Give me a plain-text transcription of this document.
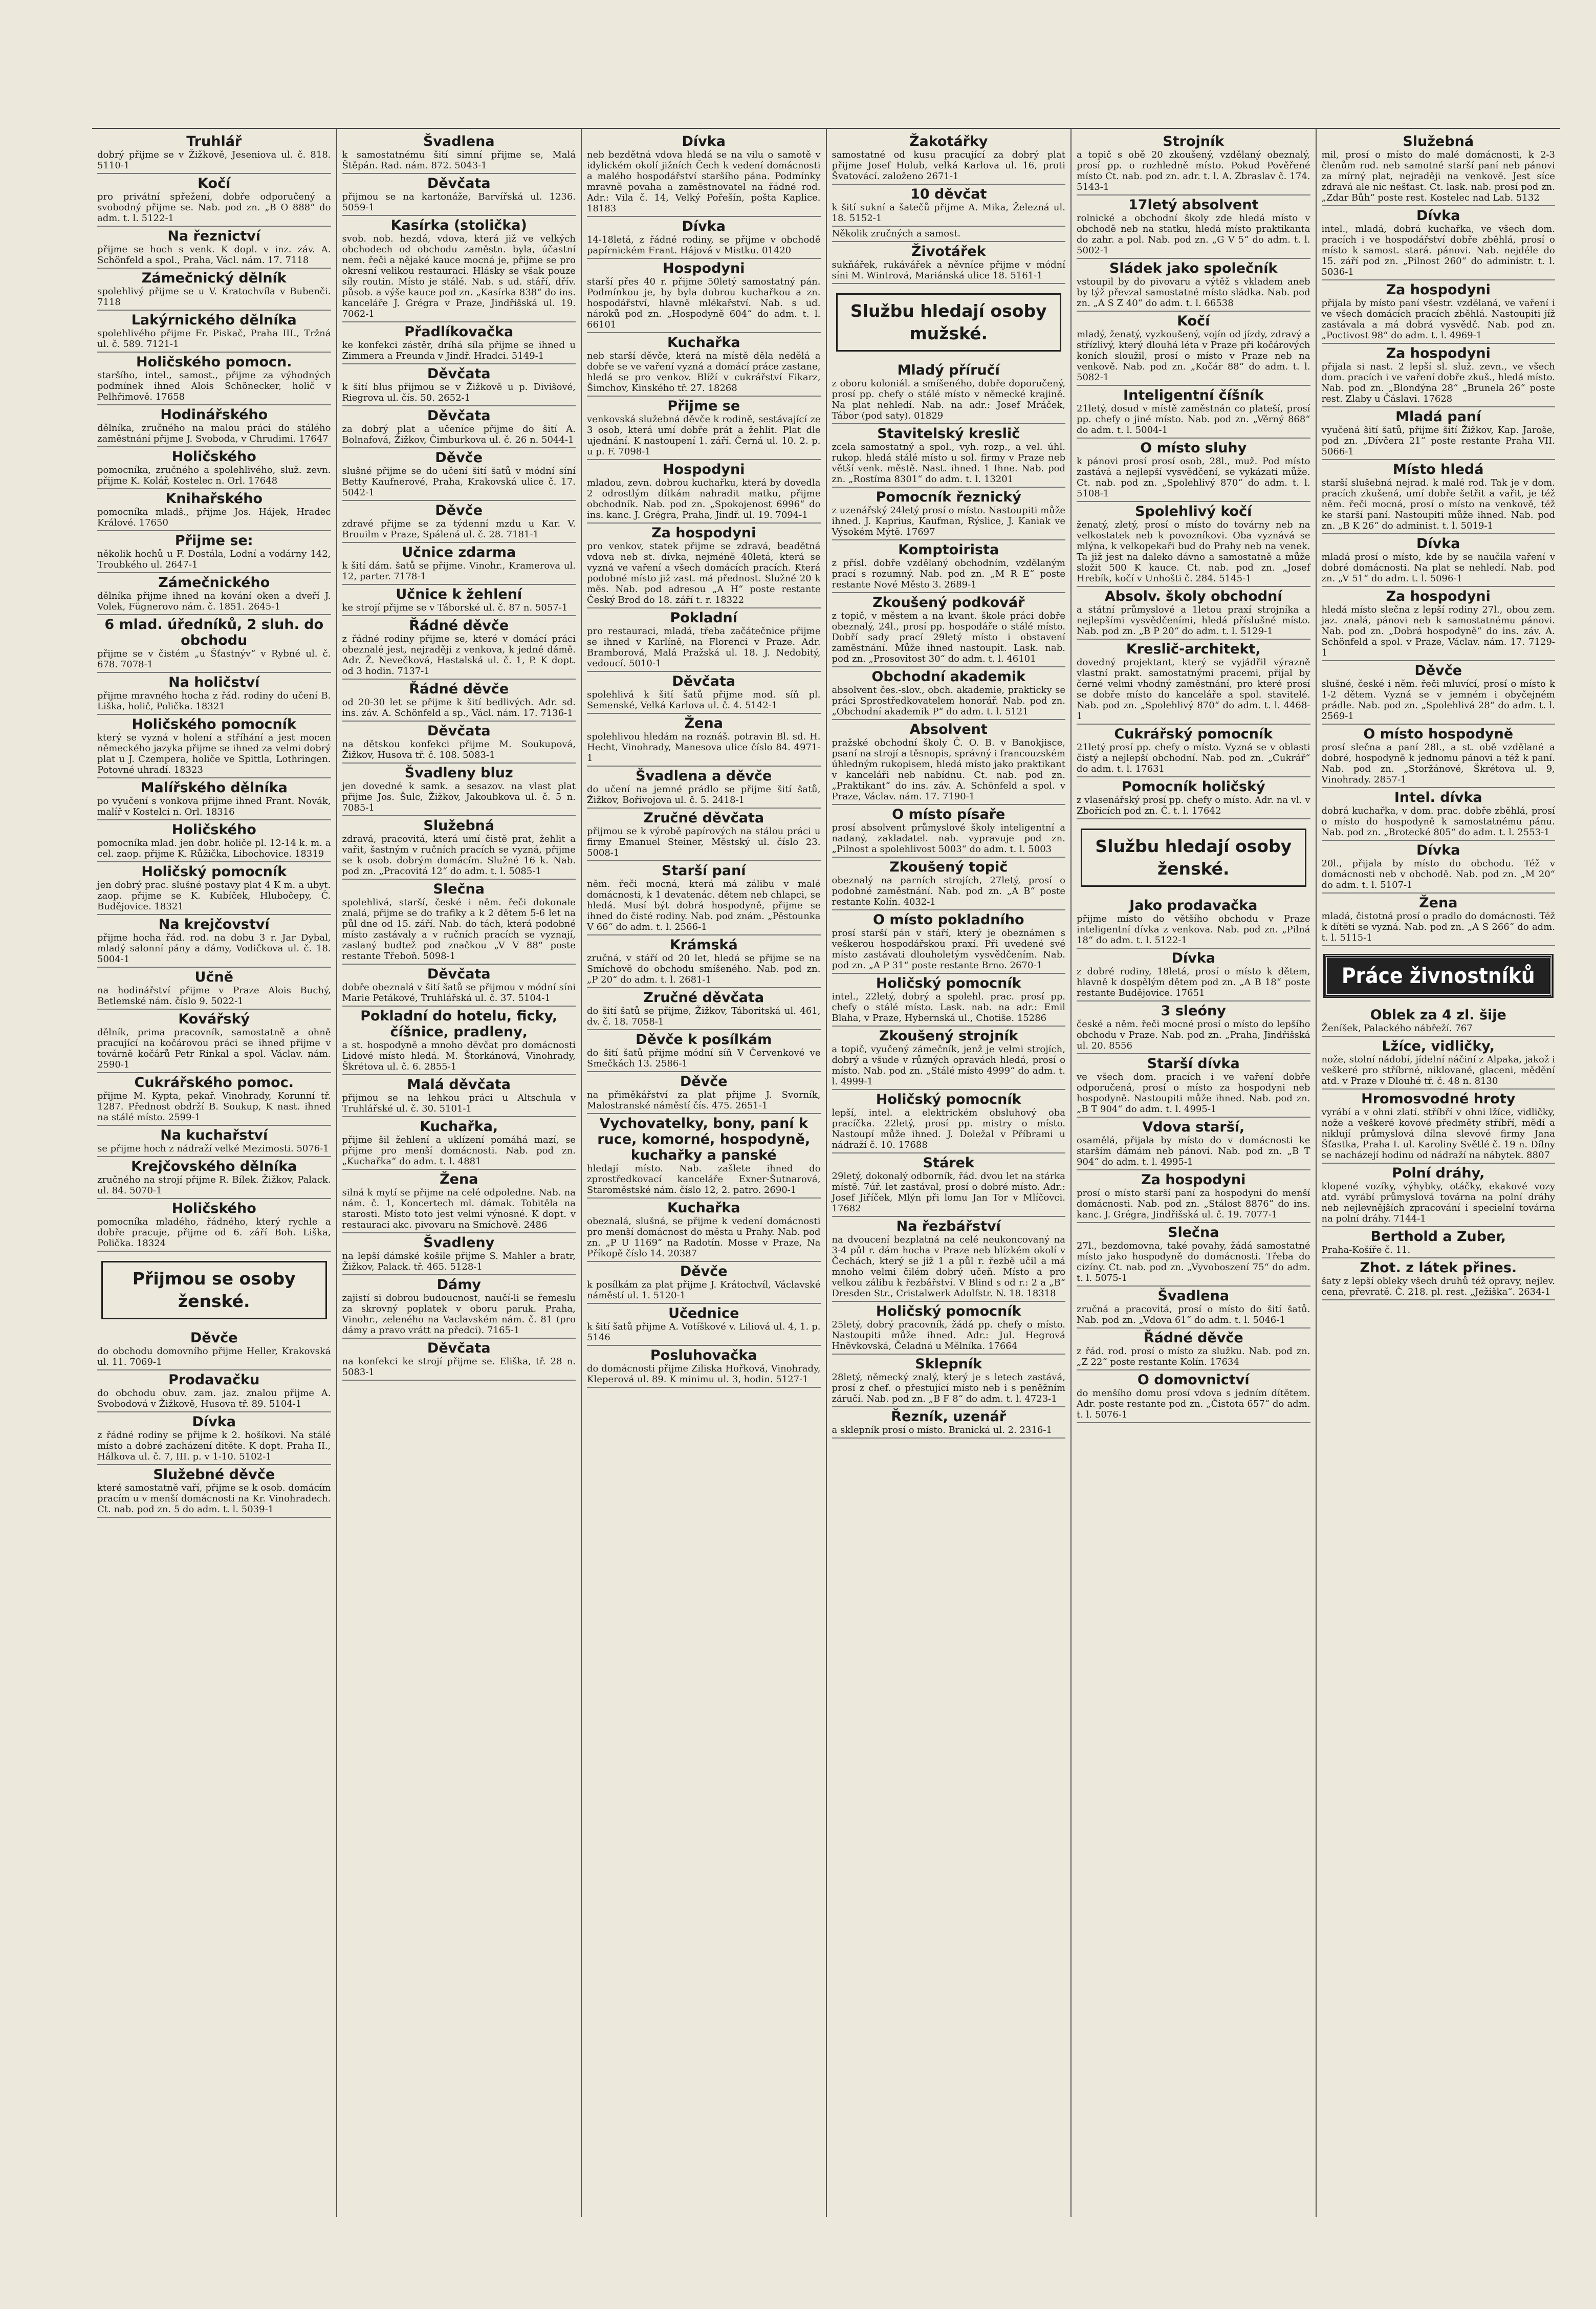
Truhlář
dobrý přijme se v Žižkově, Jeseniova ul. č. 818. 5110-1
Kočí
pro privátní spřežení, dobře odporučený a svobodný přijme se. Nab. pod zn. „B O 888“ do adm. t. l. 5122-1
Na řeznictví
přijme se hoch s venk. K dopl. v inz. záv. A. Schönfeld a spol., Praha, Václ. nám. 17. 7118
Zámečnický dělník
spolehlivý přijme se u V. Kratochvíla v Bubenči. 7118
Lakýrnického dělníka
spolehlivého přijme Fr. Piskač, Praha III., Tržná ul. č. 589. 7121-1
Holičského pomocn.
staršího, intel., samost., přijme za výhodných podmínek ihned Alois Schönecker, holič v Pelhřimově. 17658
Hodinářského
dělníka, zručného na malou práci do stálého zaměstnání přijme J. Svoboda, v Chrudimi. 17647
Holičského
pomocníka, zručného a spolehlivého, služ. zevn. přijme K. Kolář, Kostelec n. Orl. 17648
Knihařského
pomocníka mladš., přijme Jos. Hájek, Hradec Králové. 17650
Přijme se:
několik hochů u F. Dostála, Lodní a vodárny 142, Troubkého ul. 2647-1
Zámečnického
dělníka přijme ihned na kování oken a dveří J. Volek, Fügnerovo nám. č. 1851. 2645-1
6 mlad. úředníků, 2 sluh. do obchodu
přijme se v čistém „u Šťastnýv“ v Rybné ul. č. 678. 7078-1
Na holičství
přijme mravného hocha z řád. rodiny do učení B. Liška, holič, Polička. 18321
Holičského pomocník
který se vyzná v holení a stříhání a jest mocen německého jazyka přijme se ihned za velmi dobrý plat u J. Czempera, holiče ve Spittla, Lothringen. Potovné uhradí. 18323
Malířského dělníka
po vyučení s vonkova přijme ihned Frant. Novák, malíř v Kostelci n. Orl. 18316
Holičského
pomocníka mlad. jen dobr. holiče pl. 12-14 k. m. a cel. zaop. přijme K. Růžička, Libochovice. 18319
Holičský pomocník
jen dobrý prac. slušné postavy plat 4 K m. a ubyt. zaop. přijme se K. Kubíček, Hlubočepy, Č. Budějovice. 18321
Na krejčovství
přijme hocha řád. rod. na dobu 3 r. Jar Dybal, mladý salonní pány a dámy, Vodičkova ul. č. 18. 5004-1
Učně
na hodinářství přijme v Praze Alois Buchý, Betlemské nám. číslo 9. 5022-1
Kovářský
dělník, prima pracovník, samostatně a ohně pracující na kočárovou práci se ihned přijme v továrně kočárů Petr Rinkal a spol. Václav. nám. 2590-1
Cukrářského pomoc.
přijme M. Kypta, pekař. Vinohrady, Korunní tř. 1287. Přednost obdrží B. Soukup, K nast. ihned na stálé místo. 2599-1
Na kuchařství
se přijme hoch z nádraží velké Mezimosti. 5076-1
Krejčovského dělníka
zručného na strojí přijme R. Bílek. Žižkov, Palack. ul. 84. 5070-1
Holičského
pomocníka mladého, řádného, který rychle a dobře pracuje, přijme od 6. září Boh. Liška, Polička. 18324
Přijmou se osoby ženské.
Děvče
do obchodu domovního přijme Heller, Krakovská ul. 11. 7069-1
Prodavačku
do obchodu obuv. zam. jaz. znalou přijme A. Svobodová v Žižkově, Husova tř. 89. 5104-1
Dívka
z řádné rodiny se přijme k 2. hošíkovi. Na stálé místo a dobré zacházení ditěte. K dopt. Praha II., Hálkova ul. č. 7, III. p. v 1-10. 5102-1
Služebné děvče
které samostatně vaří, přijme se k osob. domácím pracím u v menší domácnosti na Kr. Vinohradech. Ct. nab. pod zn. 5 do adm. t. l. 5039-1
Švadlena
k samostatnému šití simní přijme se, Malá Štěpán. Rad. nám. 872. 5043-1
Děvčata
přijmou se na kartonáže, Barvířská ul. 1236. 5059-1
Kasírka (stolička)
svob. nob. hezdá, vdova, která již ve velkých obchodech od obchodu zaměstn. byla, účastní nem. řeči a nějaké kauce mocná je, přijme se pro okresní velikou restauraci. Hlásky se však pouze síly routin. Místo je stálé. Nab. s ud. stáří, dřív. působ. a výše kauce pod zn. „Kasírka 838“ do ins. kanceláře J. Grégra v Praze, Jindřišská ul. 19. 7062-1
Přadlíkovačka
ke konfekci zástěr, dríhá síla přijme se ihned u Zimmera a Freunda v Jindř. Hradci. 5149-1
Děvčata
k šití blus přijmou se v Žižkově u p. Divišové, Riegrova ul. čís. 50. 2652-1
Děvčata
za dobrý plat a učeníce přijme do šití A. Bolnafová, Žižkov, Čimburkova ul. č. 26 n. 5044-1
Děvče
slušné přijme se do učení šití šatů v módní síní Betty Kaufnerové, Praha, Krakovská ulice č. 17. 5042-1
Děvče
zdravé přijme se za týdenní mzdu u Kar. V. Brouilm v Praze, Spálená ul. č. 28. 7181-1
Učnice zdarma
k šití dám. šatů se přijme. Vinohr., Kramerova ul. 12, parter. 7178-1
Učnice k žehlení
ke strojí přijme se v Táborské ul. č. 87 n. 5057-1
Řádné děvče
z řádné rodiny přijme se, které v domácí práci obeznalé jest, nejraději z venkova, k jedné dámě. Adr. Ž. Nevečková, Hastalská ul. č. 1, P. K dopt. od 3 hodin. 7137-1
Řádné děvče
od 20-30 let se přijme k šití bedlivých. Adr. sd. ins. záv. A. Schönfeld a sp., Václ. nám. 17. 7136-1
Děvčata
na dětskou konfekci přijme M. Soukupová, Žižkov, Husova tř. č. 108. 5083-1
Švadleny bluz
jen dovedné k samk. a sesazov. na vlast plat přijme Jos. Šulc, Žižkov, Jakoubkova ul. č. 5 n. 7085-1
Služebná
zdravá, pracovitá, která umí čistě prat, žehlit a vařit, šastným v ručních pracích se vyzná, přijme se k osob. dobrým domácím. Služné 16 k. Nab. pod zn. „Pracovitá 12“ do adm. t. l. 5085-1
Slečna
spolehlivá, starší, české i něm. řeči dokonale znalá, přijme se do trafiky a k 2 dětem 5-6 let na půl dne od 15. září. Nab. do tách, která podobné místo zastávaly a v ručních pracích se vyznají, zaslaný budtež pod značkou „V V 88“ poste restante Třeboň. 5098-1
Děvčata
dobře obeznalá v šití šatů se přijmou v módní síni Marie Petákové, Truhlářská ul. č. 37. 5104-1
Pokladní do hotelu, ficky, číšnice, pradlenу,
a st. hospodyně a mnoho děvčat pro domácnosti Lidové místo hledá. M. Štorkánová, Vinohrady, Škrétova ul. č. 6. 2855-1
Malá děvčata
přijmou se na lehkou práci u Altschula v Truhlářské ul. č. 30. 5101-1
Kuchařka,
přijme šil žehlení a uklízení pomáhá mazí, se přijme pro menší domácnosti. Nab. pod zn. „Kuchařka“ do adm. t. l. 4881
Žena
silná k mytí se přijme na celé odpoledne. Nab. na nám. č. 1, Koncertech ml. dámak. Tobitěla na starosti. Místo toto jest velmi výnosné. K dopt. v restauraci akc. pivovaru na Smíchově. 2486
Švadleny
na lepší dámské košile přijme S. Mahler a bratr, Žižkov, Palack. tř. 465. 5128-1
Dámy
zajistí si dobrou budoucnost, naučí-li se řemeslu za skrovný poplatek v oboru paruk. Praha, Vinohr., zeleného na Vaclavském nám. č. 81 (pro dámy a pravo vrátt na předci). 7165-1
Děvčata
na konfekci ke strojí přijme se. Eliška, tř. 28 n. 5083-1
Dívka
neb bezdětná vdova hledá se na vilu o samotě v idylickém okolí jižních Čech k vedení domácnosti a malého hospodářství staršího pána. Podmínky mravně povaha a zaměstnovatel na řádné rod. Adr.: Vila č. 14, Velký Pořešín, pošta Kaplice. 18183
Dívka
14-18letá, z řádné rodiny, se přijme v obchodě papírnickém Frant. Hájová v Mistku. 01420
Hospodyni
starší přes 40 r. přijme 50letý samostatný pán. Podmínkou je, by byla dobrou kuchařkou a zn. hospodářství, hlavně mlékařství. Nab. s ud. nároků pod zn. „Hospodyně 604“ do adm. t. l. 66101
Kuchařka
neb starší děvče, která na místě děla nedělá a dobře se ve vaření vyzná a domácí práce zastane, hledá se pro venkov. Blíží v cukrářství Fikarz, Šimchov, Kinského tř. 27. 18268
Přijme se
venkovská služebná děvče k rodině, sestávající ze 3 osob, která umí dobře prát a žehlit. Plat dle ujednání. K nastoupení 1. září. Černá ul. 10. 2. p. u p. F. 7098-1
Hospodyni
mladou, zevn. dobrou kuchařku, která by dovedla 2 odrostlým dítkám nahradit matku, přijme obchodník. Nab. pod zn. „Spokojenost 6996“ do ins. kanc. J. Grégra, Praha, Jindř. ul. 19. 7094-1
Za hospodyni
pro venkov, statek přijme se zdravá, beadětná vdova neb st. dívka, nejméně 40letá, která se vyzná ve vaření a všech domácích pracích. Která podobné místo již zast. má přednost. Služné 20 k měs. Nab. pod adresou „A H“ poste restante Český Brod do 18. září t. r. 18322
Pokladní
pro restauraci, mladá, třeba začátečnice přijme se ihned v Karlíně, na Florenci v Praze. Adr. Bramborová, Malá Pražská ul. 18. J. Nedobitý, vedoucí. 5010-1
Děvčata
spolehlivá k šití šatů přijme mod. síň pl. Semenské, Velká Karlova ul. č. 4. 5142-1
Žena
spolehlivou hledám na roznáš. potravin Bl. sd. H. Hecht, Vinohrady, Manesova ulice číslo 84. 4971-1
Švadlena a děvče
do učení na jemné prádlo se přijme šití šatů, Žižkov, Bořivojova ul. č. 5. 2418-1
Zručné děvčata
přijmou se k výrobě papírových na stálou práci u firmy Emanuel Steiner, Městský ul. číslo 23. 5008-1
Starší paní
něm. řeči mocná, která má zálibu v malé domácnosti, k 1 devatenác. dětem neb chlapci, se hledá. Musí být dobrá hospodyně, přijme se ihned do čisté rodiny. Nab. pod znám. „Pěstounka V 66“ do adm. t. l. 2566-1
Krámská
zručná, v stáří od 20 let, hledá se přijme se na Smíchově do obchodu smíšeného. Nab. pod zn. „P 20“ do adm. t. l. 2681-1
Zručné děvčata
do šití šatů se přijme, Žižkov, Táboritská ul. 461, dv. č. 18. 7058-1
Děvče k posílkám
do šití šatů přijme módní síň V Červenkové ve Smečkách 13. 2586-1
Děvče
na přiměkářství za plat přijme J. Svorník, Malostranské náměstí čís. 475. 2651-1
Vychovatelky, bony, paní k ruce, komorné, hospodyně, kuchařky a panské
hledají místo. Nab. zašlete ihned do zprostředkovací kanceláře Exner-Šutnarová, Staroměstské nám. číslo 12, 2. patro. 2690-1
Kuchařka
obeznalá, slušná, se přijme k vedení domácnosti pro menší domácnost do města u Prahy. Nab. pod zn. „P U 1169“ na Radotín. Mosse v Praze, Na Příkopě číslo 14. 20387
Děvče
k posílkám za plat přijme J. Krátochvíl, Václavské náměstí ul. 1. 5120-1
Učednice
k šití šatů přijme A. Votíškové v. Liliová ul. 4, 1. p. 5146
Posluhovačka
do domácnosti přijme Ziliska Hořková, Vinohrady, Kleperová ul. 89. K minimu ul. 3, hodin. 5127-1
Žakotářky
samostatné od kusu pracující za dobrý plat přijme Josef Holub, velká Karlova ul. 16, proti Švatovácí. založeno 2671-1
10 děvčat
k šití sukní a šatečů přijme A. Mika, Železná ul. 18. 5152-1
Několik zručných a samost.
Životářek
sukňářek, rukávářek a něvníce přijme v módní síni M. Wintrová, Mariánská ulice 18. 5161-1
Službu hledají osoby mužské.
Mladý příručí
z oboru koloniál. a smíšeného, dobře doporučený, prosí pp. chefy o stálé místo v německé krajině. Na plat nehledí. Nab. na adr.: Josef Mráček, Tábor (pod saty). 01829
Stavitelský kreslič
zcela samostatný a spol., vyh. rozp., a vel. úhl. rukop. hledá stálé místo u sol. firmy v Praze neb větší venk. městě. Nast. ihned. 1 Ihne. Nab. pod zn. „Rostíma 8301“ do adm. t. l. 13201
Pomocník řeznický
z uzenářský 24letý prosí o místo. Nastoupiti může ihned. J. Kaprius, Kaufman, Rýslice, J. Kaniak ve Výsokém Mýtě. 17697
Komptoirista
z přísl. dobře vzdělaný obchodním, vzdělaným prací s rozumný. Nab. pod zn. „M R E“ poste restante Nové Město 3. 2689-1
Zkoušený podkovář
z topič, v městem a na kvant. škole práci dobře obeznalý, 24l., prosí pp. hospodáře o stálé místo. Dobří sady prací 29letý místo i obstavení zaměstnání. Může ihned nastoupit. Lask. nab. pod zn. „Prosovitost 30“ do adm. t. l. 46101
Obchodní akademik
absolvent čes.-slov., obch. akademie, prakticky se práci Sprostředkovatelem honorář. Nab. pod zn. „Obchodní akademik P“ do adm. t. l. 5121
Absolvent
pražské obchodní školy Č. O. B. v Banokjisce, psaní na strojí a těsnopis, správný i francouzském úhledným rukopisem, hledá místo jako praktikant v kanceláři neb nabídnu. Ct. nab. pod zn. „Praktikant“ do ins. záv. A. Schönfeld a spol. v Praze, Václav. nám. 17. 7190-1
O místo písaře
prosí absolvent průmyslové školy inteligentní a nadaný, zakladatel. nab. vypravuje pod zn. „Pilnost a spolehlivost 5003“ do adm. t. l. 5003
Zkoušený topič
obeznalý na parních strojích, 27letý, prosí o podobné zaměstnání. Nab. pod zn. „A B“ poste restante Kolín. 4032-1
O místo pokladního
prosí starší pán v stáří, který je obeznámen s veškerou hospodářskou praxí. Při uvedené své místo zastávati dlouholetým vysvědčením. Nab. pod zn. „A P 31“ poste restante Brno. 2670-1
Holičský pomocník
intel., 22letý, dobrý a spolehl. prac. prosí pp. chefy o stálé místo. Lask. nab. na adr.: Emil Blaha, v Praze, Hybernská ul., Chotiše. 15286
Zkoušený strojník
a topič, vyučený zámečník, jenž je velmi strojích, dobrý a všude v různých opravách hledá, prosí o místo. Nab. pod zn. „Stálé místo 4999“ do adm. t. l. 4999-1
Holičský pomocník
lepší, intel. a elektrickém obsluhový oba pracíčka. 22letý, prosí pp. mistry o místo. Nastoupí může ihned. J. Doležal v Příbrami u nádraží č. 10. 17688
Stárek
29letý, dokonalý odborník, řád. dvou let na stárka místě. 7úř. let zastával, prosí o dobré místo. Adr.: Josef Jiříček, Mlýn při lomu Jan Tor v Mlíčovci. 17682
Na řezbářství
na dvoucení bezplatná na celé neukoncovaný na 3-4 půl r. dám hocha v Praze neb blízkém okolí v Čechách, který se již 1 a půl r. řezbě učil a má mnoho velmi čilém dobrý učeň. Místo a pro velkou zálibu k řezbářství. V Blind s od r.: 2 a „B“ Dresden Str., Cristalwerk Adolfstr. N. 18. 18318
Holičský pomocník
25letý, dobrý pracovník, žádá pp. chefy o místo. Nastoupiti může ihned. Adr.: Jul. Hegrová Hněvkovská, Čeladná u Mělníka. 17664
Sklepník
28letý, německý znalý, který je s letech zastává, prosí z chef. o přestující místo neb i s peněžním záručí. Nab. pod zn. „B F 8“ do adm. t. l. 4723-1
Řezník, uzenář
a sklepník prosí o místo. Branická ul. 2. 2316-1
Strojník
a topič s obě 20 zkoušený, vzdělaný obeznalý, prosí pp. o rozhledně místo. Pokud Pověřené místo Ct. nab. pod zn. adr. t. l. A. Zbraslav č. 174. 5143-1
17letý absolvent
rolnické a obchodní školy zde hledá místo v obchodě neb na statku, hledá místo praktikanta do zahr. a pol. Nab. pod zn. „G V 5“ do adm. t. l. 5002-1
Sládek jako společník
vstoupil by do pivovaru a výtěž s vkladem aneb by týž převzal samostatné místo sládka. Nab. pod zn. „A S Z 40“ do adm. t. l. 66538
Kočí
mladý, ženatý, vyzkoušený, vojín od jízdy, zdravý a střízlivý, který dlouhá léta v Praze při kočárových koních sloužil, prosí o místo v Praze neb na venkově. Nab. pod zn. „Kočár 88“ do adm. t. l. 5082-1
Inteligentní číšník
21letý, dosud v místě zaměstnán co plateší, prosí pp. chefy o jiné místo. Nab. pod zn. „Věrný 868“ do adm. t. l. 5004-1
O místo sluhy
k pánovi prosí prosí osob, 28l., muž. Pod místo zastává a nejlepší vysvědčení, se vykázati může. Ct. nab. pod zn. „Spolehlivý 870“ do adm. t. l. 5108-1
Spolehlivý kočí
ženatý, zletý, prosí o místo do továrny neb na velkostatek neb k povozníkovi. Oba vyznává se mlýna, k velkopekaři bud do Prahy neb na venek. Ta již jest na daleko dávno a samostatně a může složit 500 K kauce. Ct. nab. pod zn. „Josef Hrebík, kočí v Unhošti č. 284. 5145-1
Absolv. školy obchodní
a státní průmyslové a 1letou praxí strojníka a nejlepšími vysvědčeními, hledá příslušné místo. Nab. pod zn. „B P 20“ do adm. t. l. 5129-1
Kreslič-architekt,
dovedný projektant, který se vyjádřil výrazně vlastní prakt. samostatnými pracemi, přijal by černé velmi vhodný zaměstnání, pro které prosí se dobře místo do kanceláře a spol. stavitelé. Nab. pod zn. „Spolehlivý 870“ do adm. t. l. 4468-1
Cukrářský pomocník
21letý prosí pp. chefy o místo. Vyzná se v oblasti čistý a nejlepší obchodní. Nab. pod zn. „Cukrář“ do adm. t. l. 17631
Pomocník holičský
z vlasenářský prosí pp. chefy o místo. Adr. na vl. v Zbořicích pod zn. Č. t. l. 17642
Službu hledají osoby ženské.
Jako prodavačka
přijme místo do většího obchodu v Praze inteligentní dívka z venkova. Nab. pod zn. „Pilná 18“ do adm. t. l. 5122-1
Dívka
z dobré rodiny, 18letá, prosí o místo k dětem, hlavně k dospělým dětem pod zn. „A B 18“ poste restante Budějovice. 17651
3 sleóny
české a něm. řeči mocné prosí o místo do lepšího obchodu v Praze. Nab. pod zn. „Praha, Jindřišská ul. 20. 8556
Starší dívka
ve všech dom. pracích i ve vaření dobře odporučená, prosí o místo za hospodyni neb hospodyně. Nastoupiti může ihned. Nab. pod zn. „B T 904“ do adm. t. l. 4995-1
Vdova starší,
osamělá, přijala by místo do v domácnosti ke starším dámám neb pánovi. Nab. pod zn. „B T 904“ do adm. t. l. 4995-1
Za hospodyni
prosí o místo starší paní za hospodyni do menší domácnosti. Nab. pod zn. „Stálost 8876“ do ins. kanc. J. Grégra, Jindřišská ul. č. 19. 7077-1
Slečna
27l., bezdomovna, také povahy, žádá samostatné místo jako hospodyně do domácnosti. Třeba do cizíny. Ct. nab. pod zn. „Vyvoboszení 75“ do adm. t. l. 5075-1
Švadlena
zručná a pracovitá, prosí o místo do šití šatů. Nab. pod zn. „Vdova 61“ do adm. t. l. 5046-1
Řádné děvče
z řád. rod. prosí o místo za služku. Nab. pod zn. „Z 22“ poste restante Kolín. 17634
O domovnictví
do menšího domu prosí vdova s jedním dítětem. Adr. poste restante pod zn. „Čistota 657“ do adm. t. l. 5076-1
Služebná
mil, prosí o místo do malé domácnosti, k 2-3 členům rod. neb samotné starší paní neb pánovi za mírný plat, nejraději na venkově. Jest síce zdravá ale nic nešťast. Ct. lask. nab. prosí pod zn. „Zdar Bůh“ poste rest. Kostelec nad Lab. 5132
Dívka
intel., mladá, dobrá kuchařka, ve všech dom. pracích i ve hospodářství dobře zběhlá, prosí o místo k samost. stará. pánovi. Nab. nejdéle do 15. září pod zn. „Pilnost 260“ do administr. t. l. 5036-1
Za hospodyni
přijala by místo paní všestr. vzdělaná, ve vaření i ve všech domácích pracích zběhlá. Nastoupiti jíž zastávala a má dobrá vysvědč. Nab. pod zn. „Poctivost 98“ do adm. t. l. 4969-1
Za hospodyni
přijala si nast. 2 lepší sl. služ. zevn., ve všech dom. pracích i ve vaření dobře zkuš., hledá místo. Nab. pod zn. „Blondýna 28“ „Brunela 26“ poste rest. Zlaby u Čáslavi. 17628
Mladá paní
vyučená šití šatů, přijme šití Žižkov, Kap. Jaroše, pod zn. „Dívčera 21“ poste restante Praha VII. 5066-1
Místo hledá
starší slušebná nejrad. k malé rod. Tak je v dom. pracích zkušená, umí dobře šetřit a vařit, je též něm. řeči mocná, prosí o místo na venkově, též ke starší paní. Nastoupiti může ihned. Nab. pod zn. „B K 26“ do administ. t. l. 5019-1
Dívka
mladá prosí o místo, kde by se naučila vaření v dobré domácnosti. Na plat se nehledí. Nab. pod zn. „V 51“ do adm. t. l. 5096-1
Za hospodyni
hledá místo slečna z lepší rodiny 27l., obou zem. jaz. znalá, pánovi neb k samostatnému pánovi. Nab. pod zn. „Dobrá hospodyně“ do ins. záv. A. Schönfeld a spol. v Praze, Václav. nám. 17. 7129-1
Děvče
slušné, české i něm. řeči mluvící, prosí o místo k 1-2 dětem. Vyzná se v jemném i obyčejném prádle. Nab. pod zn. „Spolehlivá 28“ do adm. t. l. 2569-1
O místo hospodyně
prosí slečna a paní 28l., a st. obě vzdělané a dobré, hospodyně k jednomu pánovi a též k paní. Nab. pod zn. „Storžánové, Škrétova ul. 9, Vinohrady. 2857-1
Intel. dívka
dobrá kuchařka, v dom. prac. dobře zběhlá, prosí o místo do hospodyně k samostatnému pánu. Nab. pod zn. „Brotecké 805“ do adm. t. l. 2553-1
Dívka
20l., přijala by místo do obchodu. Též v domácnosti neb v obchodě. Nab. pod zn. „M 20“ do adm. t. l. 5107-1
Žena
mladá, čistotná prosí o pradlo do domácnosti. Též k dítěti se vyzná. Nab. pod zn. „A S 266“ do adm. t. l. 5115-1
Práce živnostníků
Oblek za 4 zl. šije
Ženíšek, Palackého nábřeží. 767
Lžíce, vidličky,
nože, stolní nádobí, jídelní náčiní z Alpaka, jakož i veškeré pro stříbrné, niklované, glaceni, mědění atd. v Praze v Dlouhé tř. č. 48 n. 8130
Hromosvodné hroty
vyrábí a v ohni zlatí. stříbří v ohni lžíce, vidličky, nože a veškeré kovové předměty stříbří, mědí a niklují průmyslová dílna slevové firmy Jana Šťastka, Praha I. ul. Karoliny Světlé č. 19 n. Dílny se nacházejí hodinu od nádraží na nábytek. 8807
Polní dráhy,
klopené vozíky, výhybky, otáčky, ekakové vozy atd. vyrábí průmyslová továrna na polní dráhy neb nejlevnějších zpracování i specielní továrna na polní dráhy. 7144-1
Berthold a Zuber,
Praha-Košíře č. 11.
Zhot. z látek přines.
šaty z lepší obleky všech druhů též opravy, nejlev. cena, převratě. Č. 218. pl. rest. „Ježiška“. 2634-1
